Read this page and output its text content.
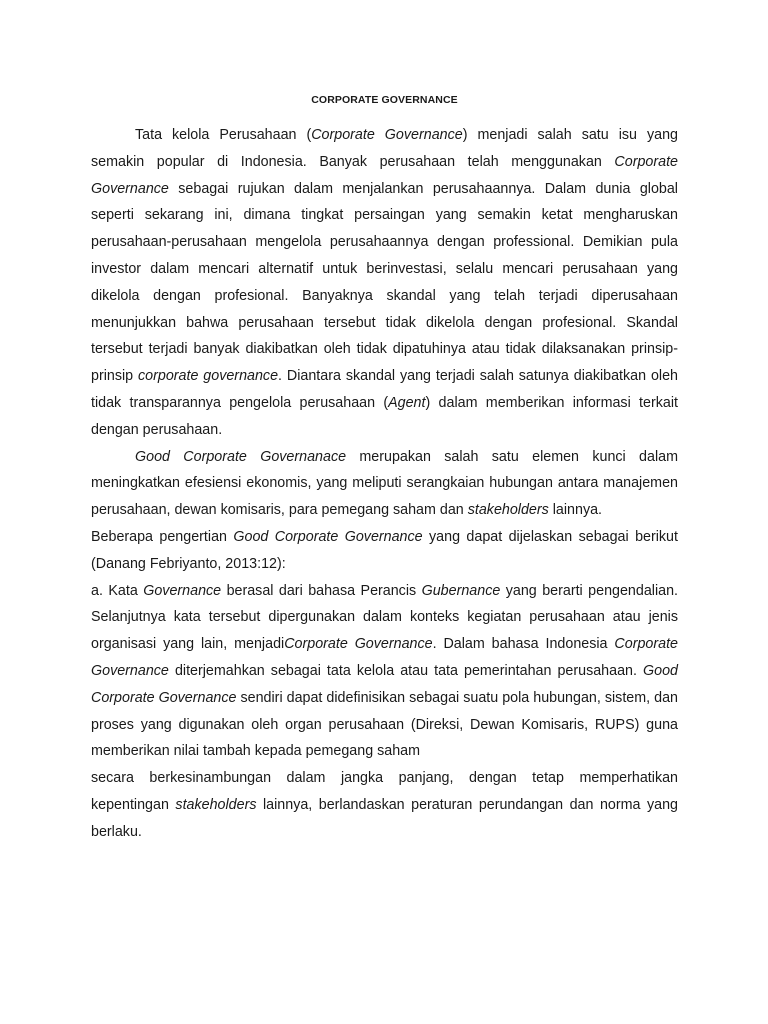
CORPORATE GOVERNANCE

Tata kelola Perusahaan (Corporate Governance) menjadi salah satu isu yang semakin popular di Indonesia. Banyak perusahaan telah menggunakan Corporate Governance sebagai rujukan dalam menjalankan perusahaannya. Dalam dunia global seperti sekarang ini, dimana tingkat persaingan yang semakin ketat mengharuskan perusahaan-perusahaan mengelola perusahaannya dengan professional. Demikian pula investor dalam mencari alternatif untuk berinvestasi, selalu mencari perusahaan yang dikelola dengan profesional. Banyaknya skandal yang telah terjadi diperusahaan menunjukkan bahwa perusahaan tersebut tidak dikelola dengan profesional. Skandal tersebut terjadi banyak diakibatkan oleh tidak dipatuhinya atau tidak dilaksanakan prinsip-prinsip corporate governance. Diantara skandal yang terjadi salah satunya diakibatkan oleh tidak transparannya pengelola perusahaan (Agent) dalam memberikan informasi terkait dengan perusahaan.

Good Corporate Governanace merupakan salah satu elemen kunci dalam meningkatkan efesiensi ekonomis, yang meliputi serangkaian hubungan antara manajemen perusahaan, dewan komisaris, para pemegang saham dan stakeholders lainnya.

Beberapa pengertian Good Corporate Governance yang dapat dijelaskan sebagai berikut (Danang Febriyanto, 2013:12):

a. Kata Governance berasal dari bahasa Perancis Gubernance yang berarti pengendalian. Selanjutnya kata tersebut dipergunakan dalam konteks kegiatan perusahaan atau jenis organisasi yang lain, menjadiCorporate Governance. Dalam bahasa Indonesia Corporate Governance diterjemahkan sebagai tata kelola atau tata pemerintahan perusahaan. Good Corporate Governance sendiri dapat didefinisikan sebagai suatu pola hubungan, sistem, dan proses yang digunakan oleh organ perusahaan (Direksi, Dewan Komisaris, RUPS) guna memberikan nilai tambah kepada pemegang saham

secara berkesinambungan dalam jangka panjang, dengan tetap memperhatikan kepentingan stakeholders lainnya, berlandaskan peraturan perundangan dan norma yang berlaku.
